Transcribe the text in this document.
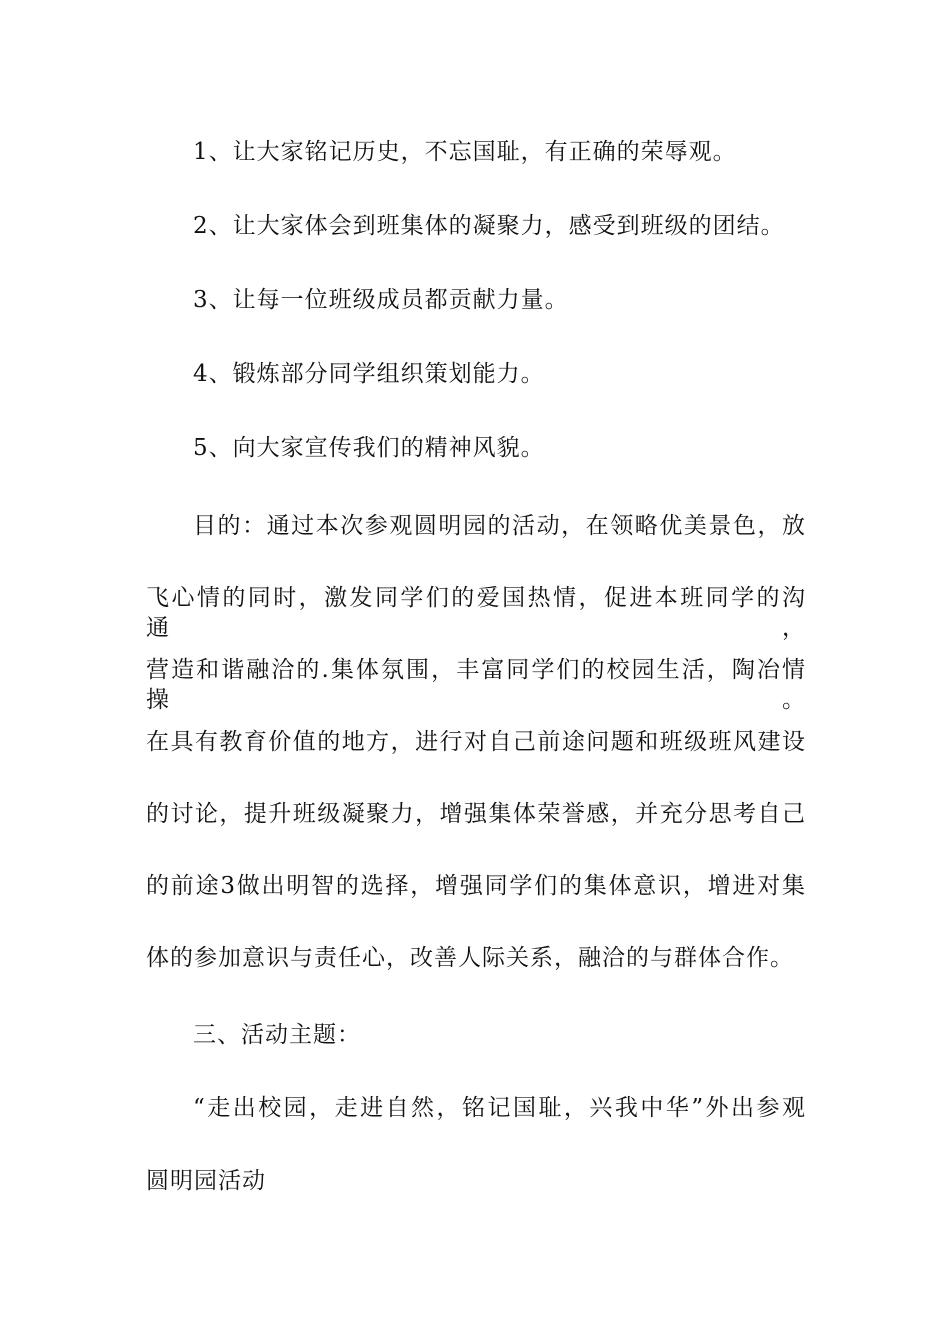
1、让大家铭记历史，不忘国耻，有正确的荣辱观。
2、让大家体会到班集体的凝聚力，感受到班级的团结。
3、让每一位班级成员都贡献力量。
4、锻炼部分同学组织策划能力。
5、向大家宣传我们的精神风貌。
目的：通过本次参观圆明园的活动，在领略优美景色，放
飞心情的同时，激发同学们的爱国热情，促进本班同学的沟通，
营造和谐融洽的.集体氛围，丰富同学们的校园生活，陶冶情操。
在具有教育价值的地方，进行对自己前途问题和班级班风建设
的讨论，提升班级凝聚力，增强集体荣誉感，并充分思考自己
的前途3做出明智的选择，增强同学们的集体意识，增进对集
体的参加意识与责任心，改善人际关系，融洽的与群体合作。
三、活动主题：
“走出校园，走进自然，铭记国耻，兴我中华”外出参观
圆明园活动
